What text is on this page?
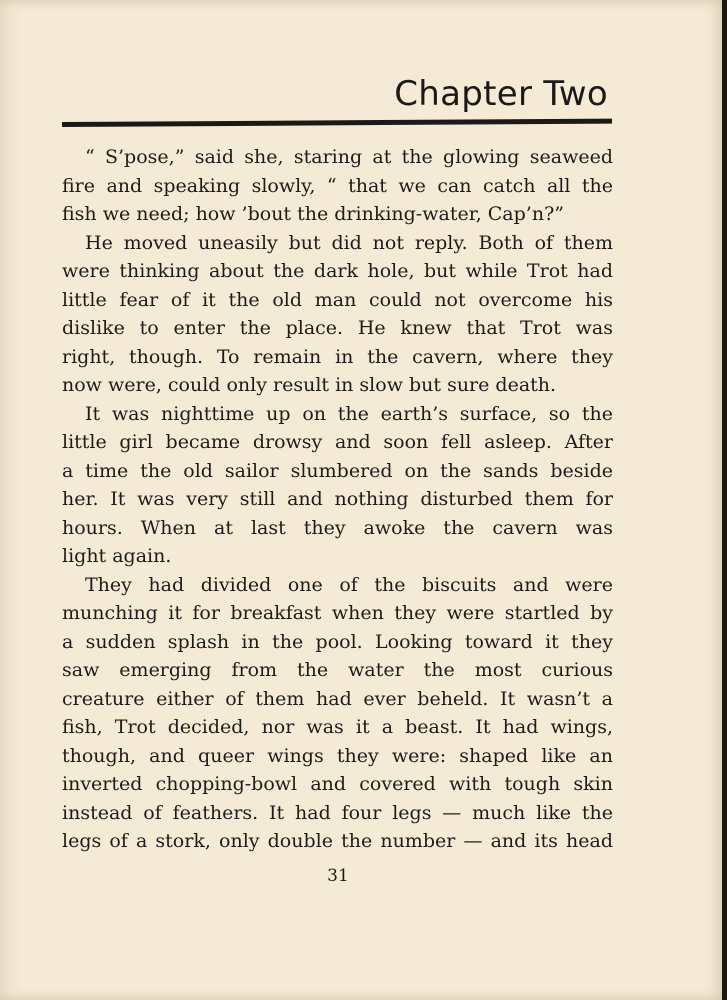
Chapter Two
“ S’pose,” said she, staring at the glowing seaweed
fire and speaking slowly, “ that we can catch all the
fish we need; how ’bout the drinking-water, Cap’n?”
He moved uneasily but did not reply. Both of them
were thinking about the dark hole, but while Trot had
little fear of it the old man could not overcome his
dislike to enter the place. He knew that Trot was
right, though. To remain in the cavern, where they
now were, could only result in slow but sure death.
It was nighttime up on the earth’s surface, so the
little girl became drowsy and soon fell asleep. After
a time the old sailor slumbered on the sands beside
her. It was very still and nothing disturbed them for
hours. When at last they awoke the cavern was
light again.
They had divided one of the biscuits and were
munching it for breakfast when they were startled by
a sudden splash in the pool. Looking toward it they
saw emerging from the water the most curious
creature either of them had ever beheld. It wasn’t a
fish, Trot decided, nor was it a beast. It had wings,
though, and queer wings they were: shaped like an
inverted chopping-bowl and covered with tough skin
instead of feathers. It had four legs — much like the
legs of a stork, only double the number — and its head
31
